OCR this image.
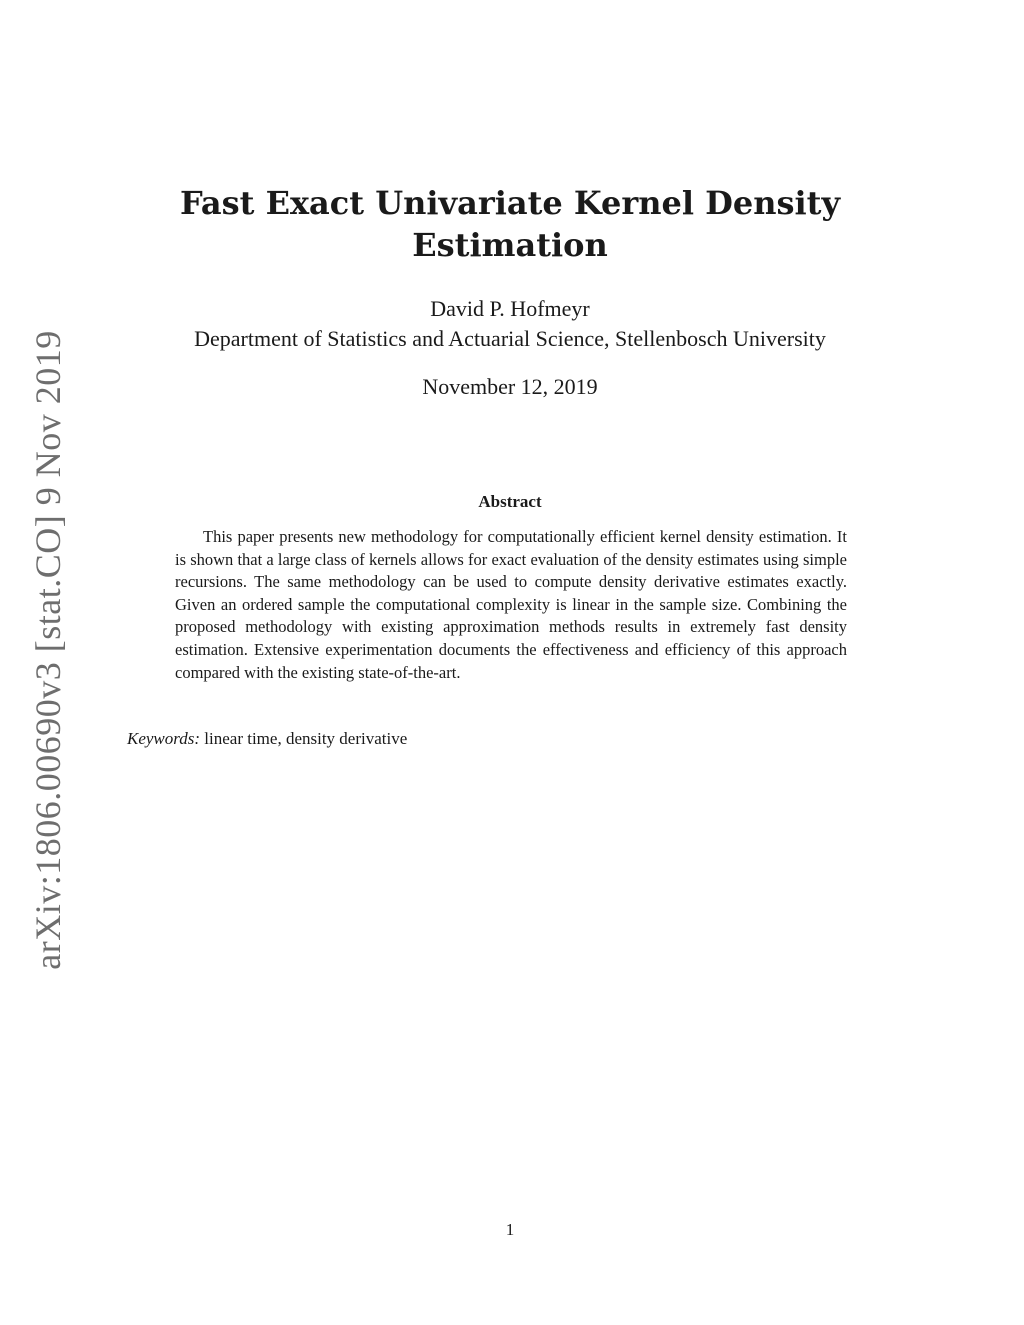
arXiv:1806.00690v3 [stat.CO] 9 Nov 2019
Fast Exact Univariate Kernel Density Estimation
David P. Hofmeyr
Department of Statistics and Actuarial Science, Stellenbosch University
November 12, 2019
Abstract

This paper presents new methodology for computationally efficient kernel density estimation. It is shown that a large class of kernels allows for exact evaluation of the density estimates using simple recursions. The same methodology can be used to compute density derivative estimates exactly. Given an ordered sample the computational complexity is linear in the sample size. Combining the proposed methodology with existing approximation methods results in extremely fast density estimation. Extensive experimentation documents the effectiveness and efficiency of this approach compared with the existing state-of-the-art.

Keywords: linear time, density derivative

1
